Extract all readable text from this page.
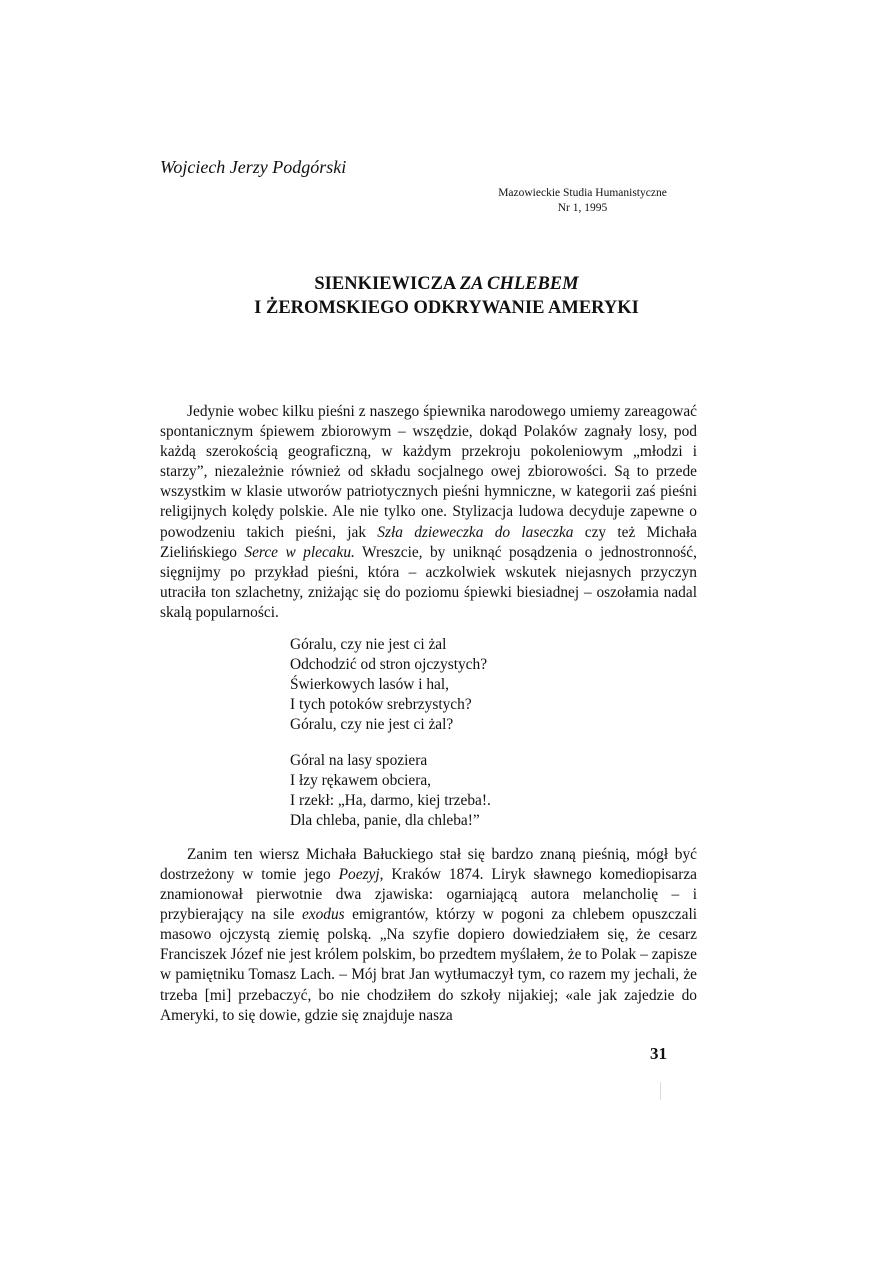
Wojciech Jerzy Podgórski
Mazowieckie Studia Humanistyczne
Nr 1, 1995
SIENKIEWICZA ZA CHLEBEM
I ŻEROMSKIEGO ODKRYWANIE AMERYKI

Jedynie wobec kilku pieśni z naszego śpiewnika narodowego umiemy zareagować spontanicznym śpiewem zbiorowym – wszędzie, dokąd Polaków zagnały losy, pod każdą szerokością geograficzną, w każdym przekroju pokoleniowym „młodzi i starzy”, niezależnie również od składu socjalnego owej zbiorowości. Są to przede wszystkim w klasie utworów patriotycznych pieśni hymniczne, w kategorii zaś pieśni religijnych kolędy polskie. Ale nie tylko one. Stylizacja ludowa decyduje zapewne o powodzeniu takich pieśni, jak Szła dzieweczka do laseczka czy też Michała Zielińskiego Serce w plecaku. Wreszcie, by uniknąć posądzenia o jednostronność, sięgnijmy po przykład pieśni, która – aczkolwiek wskutek niejasnych przyczyn utraciła ton szlachetny, zniżając się do poziomu śpiewki biesiadnej – oszołamia nadal skalą popularności.

Góralu, czy nie jest ci żal
Odchodzić od stron ojczystych?
Świerkowych lasów i hal,
I tych potoków srebrzystych?
Góralu, czy nie jest ci żal?
Góral na lasy spoziera
I łzy rękawem obciera,
I rzekł: „Ha, darmo, kiej trzeba!.
Dla chleba, panie, dla chleba!”

Zanim ten wiersz Michała Bałuckiego stał się bardzo znaną pieśnią, mógł być dostrzeżony w tomie jego Poezyj, Kraków 1874. Liryk sławnego komediopisarza znamionował pierwotnie dwa zjawiska: ogarniającą autora melancholię – i przybierający na sile exodus emigrantów, którzy w pogoni za chlebem opuszczali masowo ojczystą ziemię polską. „Na szyfie dopiero dowiedziałem się, że cesarz Franciszek Józef nie jest królem polskim, bo przedtem myślałem, że to Polak – zapisze w pamiętniku Tomasz Lach. – Mój brat Jan wytłumaczył tym, co razem my jechali, że trzeba [mi] przebaczyć, bo nie chodziłem do szkoły nijakiej; «ale jak zajedzie do Ameryki, to się dowie, gdzie się znajduje nasza

31
